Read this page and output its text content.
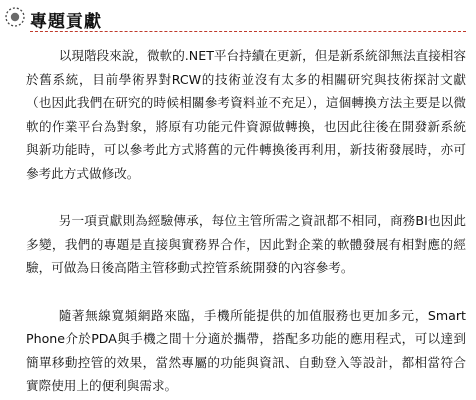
專題貢獻

以現階段來說，微軟的.NET平台持續在更新，但是新系統卻無法直接相容於舊系統，目前學術界對RCW的技術並沒有太多的相關研究與技術探討文獻（也因此我們在研究的時候相關參考資料並不充足），這個轉換方法主要是以微軟的作業平台為對象，將原有功能元件資源做轉換，也因此往後在開發新系統與新功能時，可以參考此方式將舊的元件轉換後再利用，新技術發展時，亦可參考此方式做修改。

另一項貢獻則為經驗傳承，每位主管所需之資訊都不相同，商務BI也因此多變，我們的專題是直接與實務界合作，因此對企業的軟體發展有相對應的經驗，可做為日後高階主管移動式控管系統開發的內容參考。

隨著無線寬頻網路來臨，手機所能提供的加值服務也更加多元，Smart Phone介於PDA與手機之間十分適於攜帶，搭配多功能的應用程式，可以達到簡單移動控管的效果，當然專屬的功能與資訊、自動登入等設計，都相當符合實際使用上的便利與需求。
